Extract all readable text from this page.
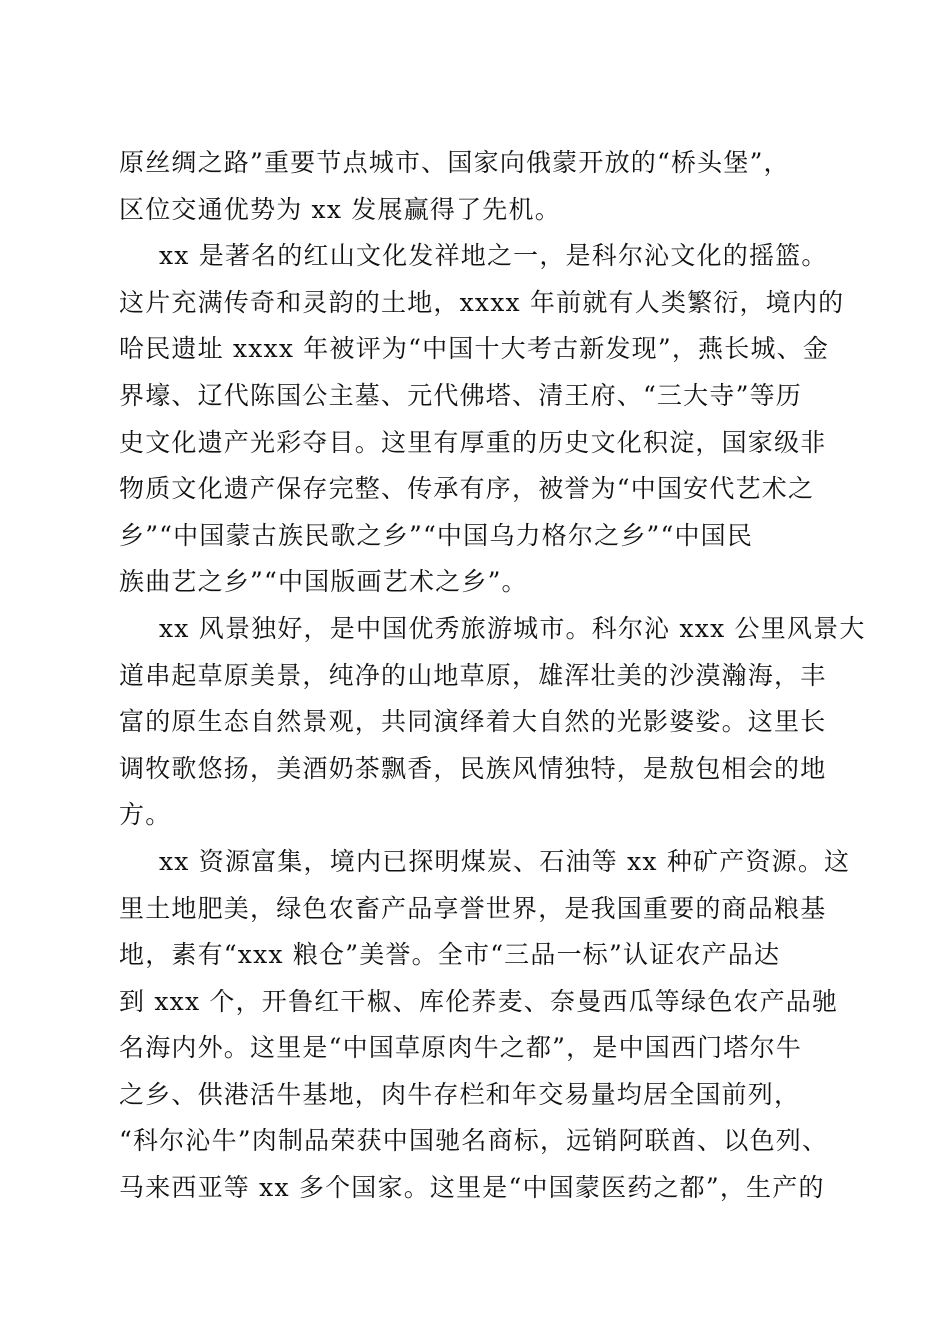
原丝绸之路”重要节点城市、国家向俄蒙开放的“桥头堡”，
区位交通优势为 xx 发展赢得了先机。

xx 是著名的红山文化发祥地之一，是科尔沁文化的摇篮。
这片充满传奇和灵韵的土地，xxxx 年前就有人类繁衍，境内的
哈民遗址 xxxx 年被评为“中国十大考古新发现”，燕长城、金
界壕、辽代陈国公主墓、元代佛塔、清王府、“三大寺”等历
史文化遗产光彩夺目。这里有厚重的历史文化积淀，国家级非
物质文化遗产保存完整、传承有序，被誉为“中国安代艺术之
乡”“中国蒙古族民歌之乡”“中国乌力格尔之乡”“中国民
族曲艺之乡”“中国版画艺术之乡”。

xx 风景独好，是中国优秀旅游城市。科尔沁 xxx 公里风景大
道串起草原美景，纯净的山地草原，雄浑壮美的沙漠瀚海，丰
富的原生态自然景观，共同演绎着大自然的光影婆娑。这里长
调牧歌悠扬，美酒奶茶飘香，民族风情独特，是敖包相会的地
方。

xx 资源富集，境内已探明煤炭、石油等 xx 种矿产资源。这
里土地肥美，绿色农畜产品享誉世界，是我国重要的商品粮基
地，素有“xxx 粮仓”美誉。全市“三品一标”认证农产品达
到 xxx 个，开鲁红干椒、库伦荞麦、奈曼西瓜等绿色农产品驰
名海内外。这里是“中国草原肉牛之都”，是中国西门塔尔牛
之乡、供港活牛基地，肉牛存栏和年交易量均居全国前列，
“科尔沁牛”肉制品荣获中国驰名商标，远销阿联酋、以色列、
马来西亚等 xx 多个国家。这里是“中国蒙医药之都”，生产的
